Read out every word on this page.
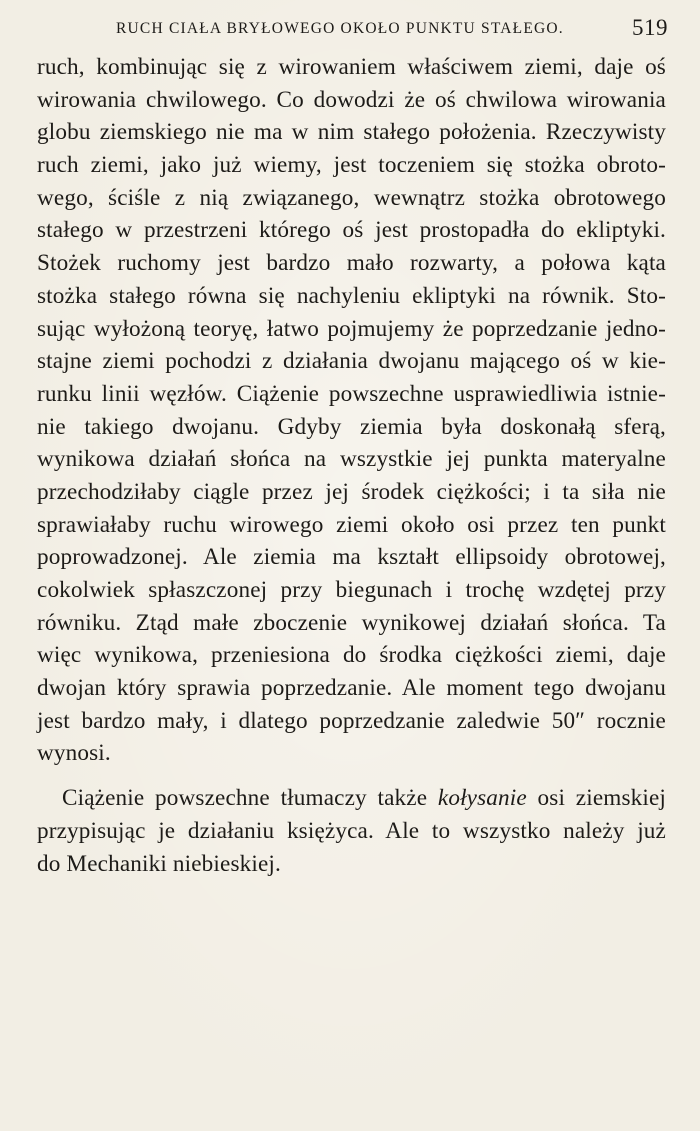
RUCH CIAŁA BRYŁOWEGO OKOŁO PUNKTU STAŁEGO.	519
ruch, kombinując się z wirowaniem właściwem ziemi, daje oś
wirowania chwilowego. Co dowodzi że oś chwilowa wirowania
globu ziemskiego nie ma w nim stałego położenia. Rzeczywisty
ruch ziemi, jako już wiemy, jest toczeniem się stożka obroto-
wego, ściśle z nią związanego, wewnątrz stożka obrotowego
stałego w przestrzeni którego oś jest prostopadła do ekliptyki.
Stożek ruchomy jest bardzo mało rozwarty, a połowa kąta
stożka stałego równa się nachyleniu ekliptyki na równik. Sto-
sując wyłożoną teoryę, łatwo pojmujemy że poprzedzanie jedno-
stajne ziemi pochodzi z działania dwojanu mającego oś w kie-
runku linii węzłów. Ciążenie powszechne usprawiedliwia istnie-
nie takiego dwojanu. Gdyby ziemia była doskonałą sferą,
wynikowa działań słońca na wszystkie jej punkta materyalne
przechodziłaby ciągle przez jej środek ciężkości; i ta siła nie
sprawiałaby ruchu wirowego ziemi około osi przez ten punkt
poprowadzonej. Ale ziemia ma kształt ellipsoidy obrotowej,
cokolwiek spłaszczonej przy biegunach i trochę wzdętej przy
równiku. Ztąd małe zboczenie wynikowej działań słońca. Ta
więc wynikowa, przeniesiona do środka ciężkości ziemi, daje
dwojan który sprawia poprzedzanie. Ale moment tego dwojanu
jest bardzo mały, i dlatego poprzedzanie zaledwie 50″ rocznie
wynosi.
Ciążenie powszechne tłumaczy także kołysanie osi ziemskiej
przypisując je działaniu księżyca. Ale to wszystko należy już
do Mechaniki niebieskiej.
